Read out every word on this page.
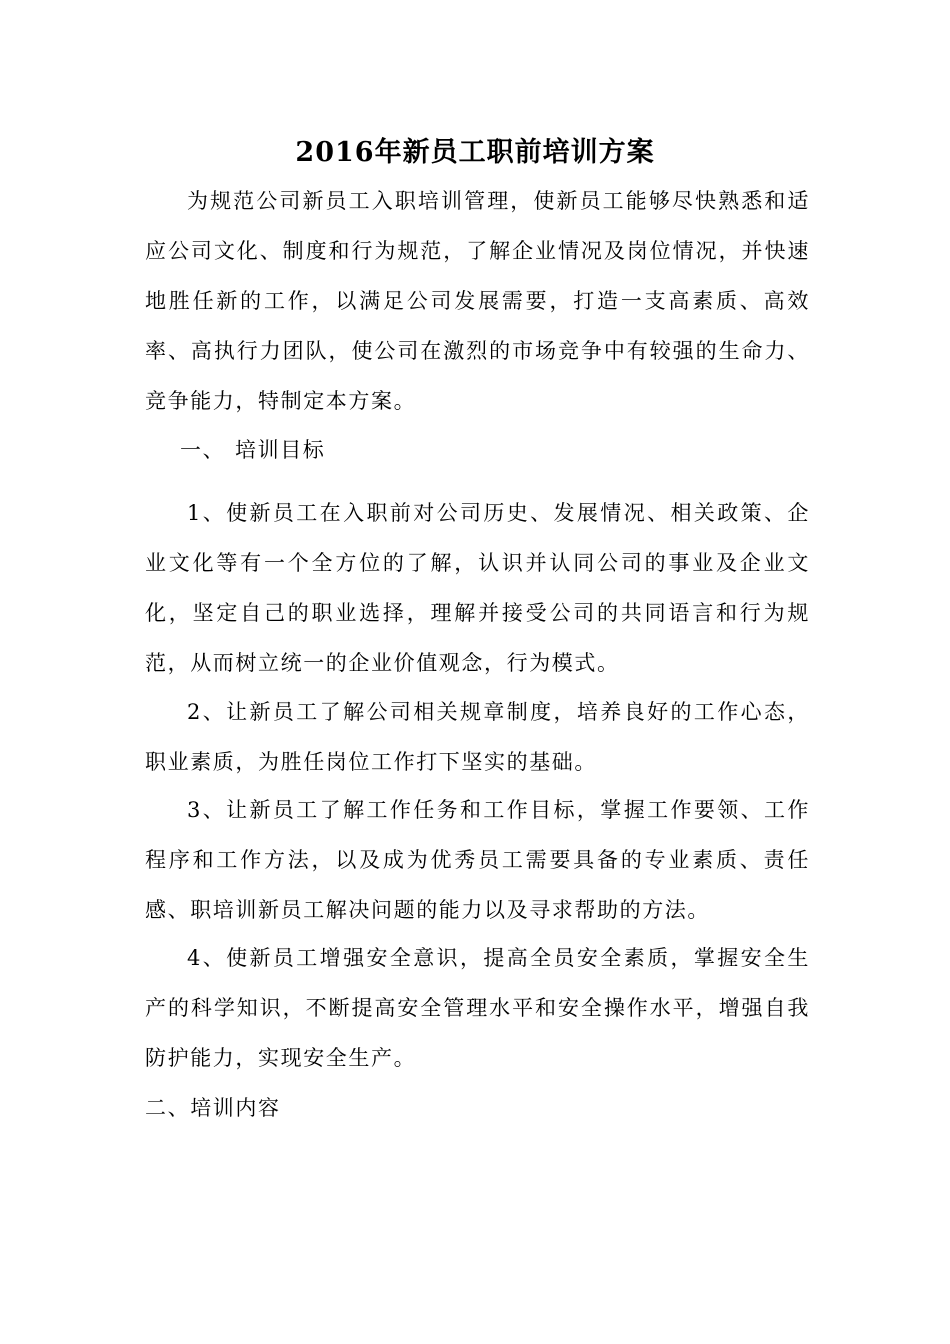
2016年新员工职前培训方案

为规范公司新员工入职培训管理，使新员工能够尽快熟悉和适应公司文化、制度和行为规范，了解企业情况及岗位情况，并快速地胜任新的工作，以满足公司发展需要，打造一支高素质、高效率、高执行力团队，使公司在激烈的市场竞争中有较强的生命力、竞争能力，特制定本方案。

一、 培训目标

1、使新员工在入职前对公司历史、发展情况、相关政策、企业文化等有一个全方位的了解，认识并认同公司的事业及企业文化，坚定自己的职业选择，理解并接受公司的共同语言和行为规范，从而树立统一的企业价值观念，行为模式。

2、让新员工了解公司相关规章制度，培养良好的工作心态，职业素质，为胜任岗位工作打下坚实的基础。

3、让新员工了解工作任务和工作目标，掌握工作要领、工作程序和工作方法，以及成为优秀员工需要具备的专业素质、责任感、职培训新员工解决问题的能力以及寻求帮助的方法。

4、使新员工增强安全意识，提高全员安全素质，掌握安全生产的科学知识，不断提高安全管理水平和安全操作水平，增强自我防护能力，实现安全生产。

二、培训内容
